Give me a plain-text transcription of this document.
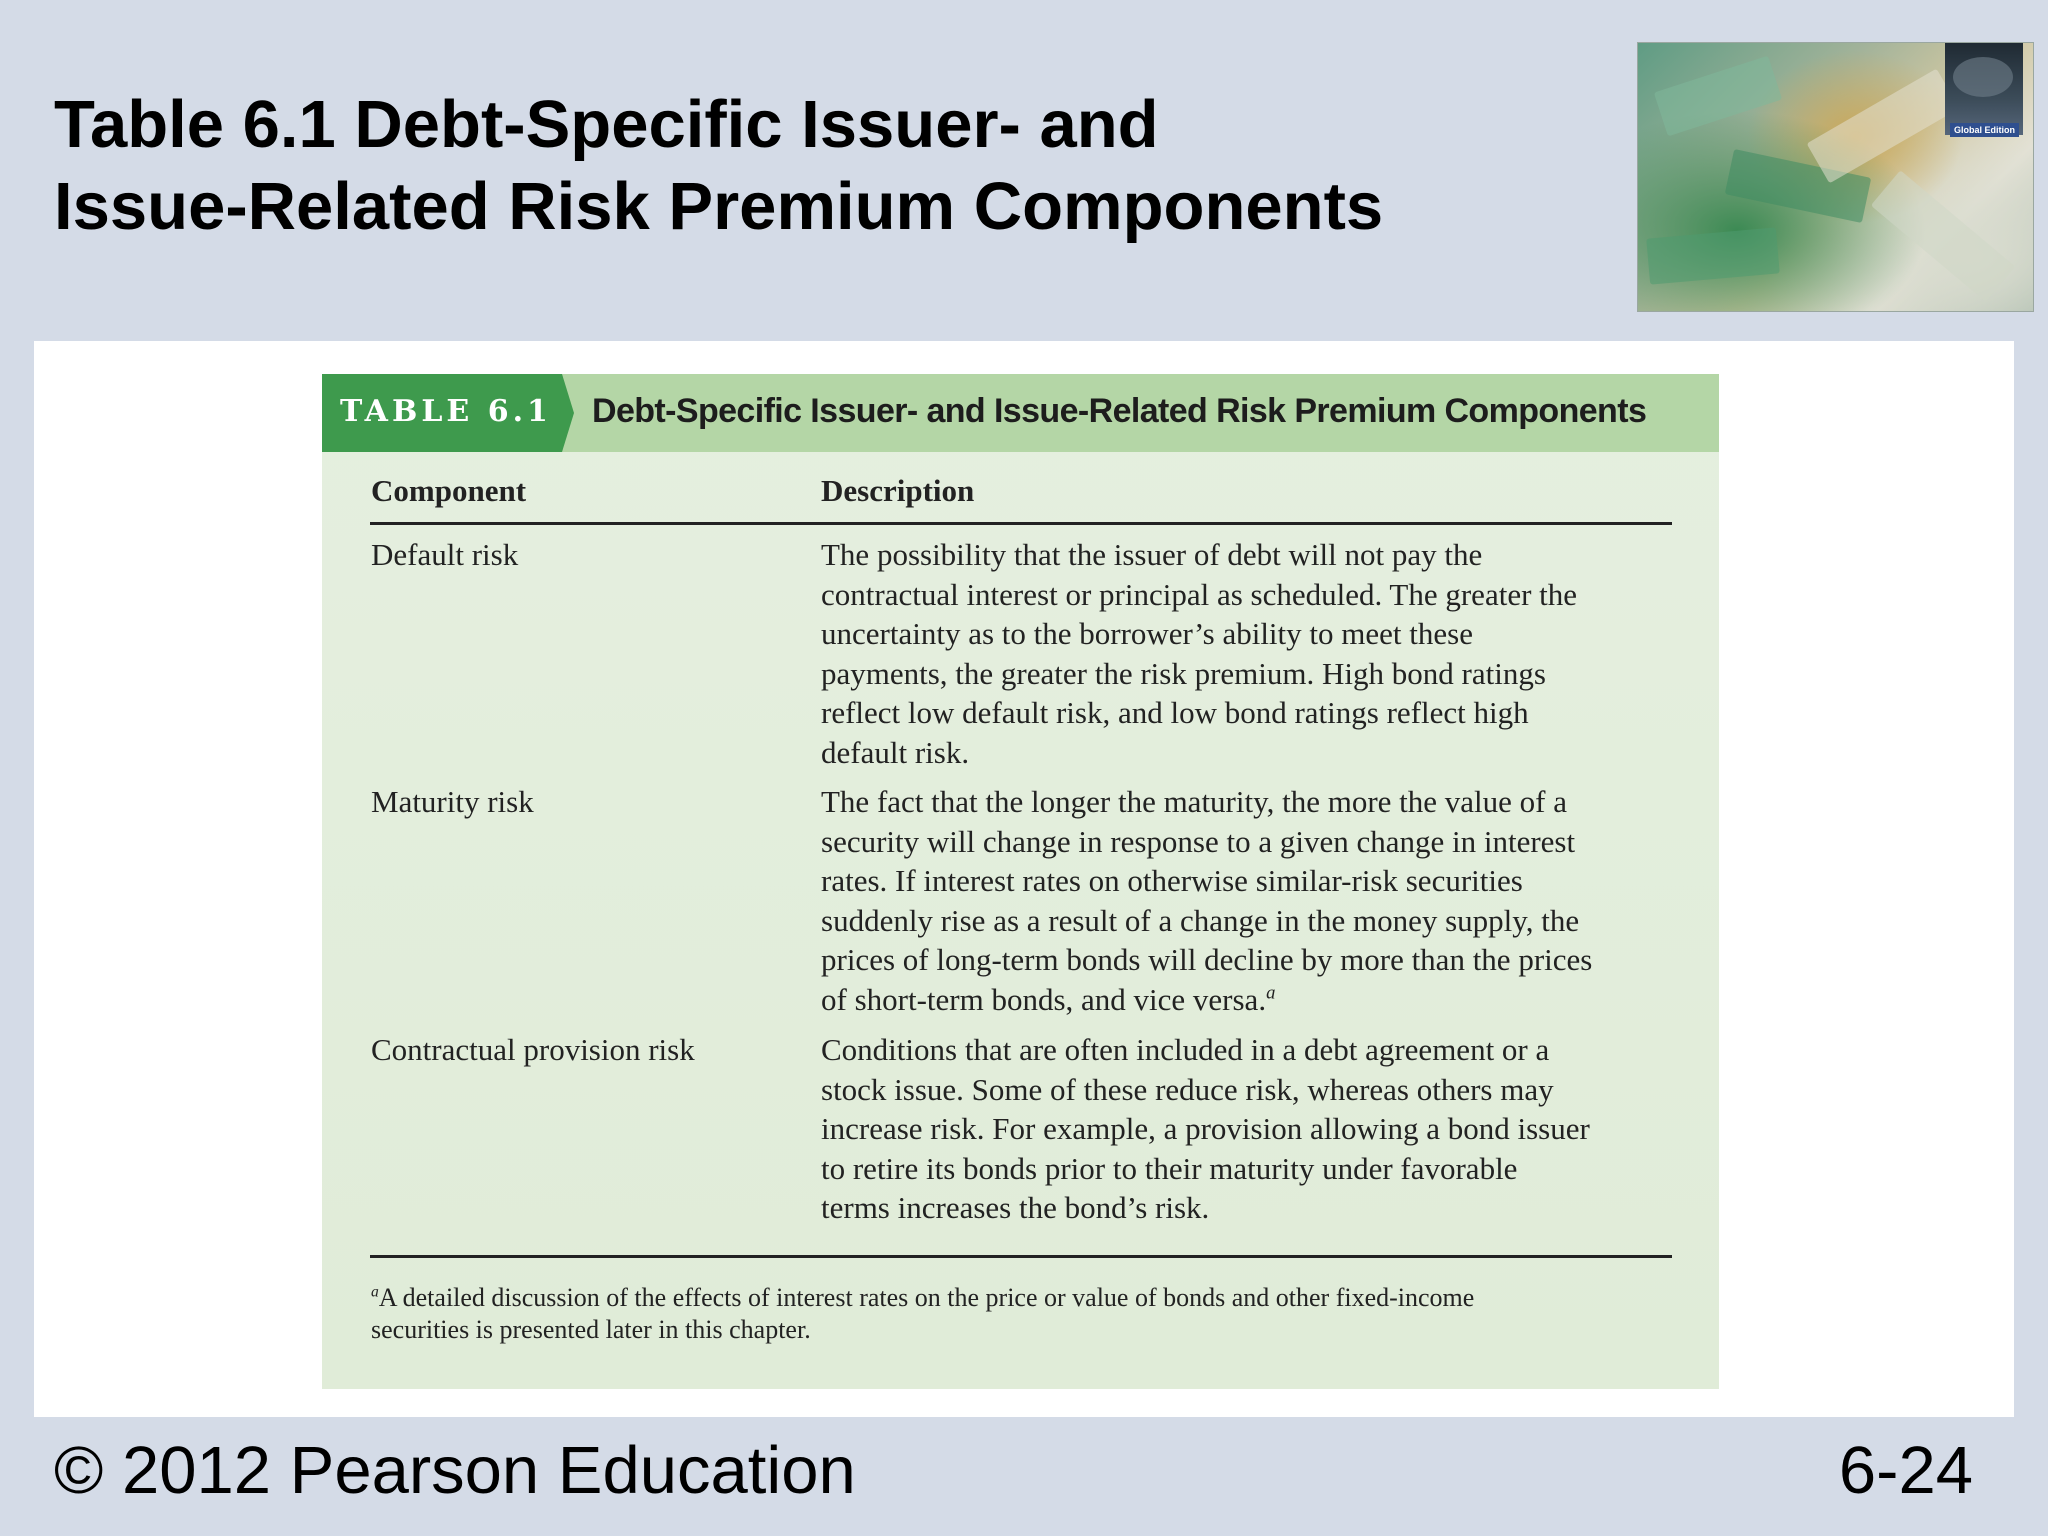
Table 6.1 Debt-Specific Issuer- and
Issue-Related Risk Premium Components
Global Edition
TABLE 6.1 Debt-Specific Issuer- and Issue-Related Risk Premium Components
Component	Description
Default risk	The possibility that the issuer of debt will not pay the
contractual interest or principal as scheduled. The greater the
uncertainty as to the borrower’s ability to meet these
payments, the greater the risk premium. High bond ratings
reflect low default risk, and low bond ratings reflect high
default risk.
Maturity risk	The fact that the longer the maturity, the more the value of a
security will change in response to a given change in interest
rates. If interest rates on otherwise similar-risk securities
suddenly rise as a result of a change in the money supply, the
prices of long-term bonds will decline by more than the prices
of short-term bonds, and vice versa.$^a$
Contractual provision risk	Conditions that are often included in a debt agreement or a
stock issue. Some of these reduce risk, whereas others may
increase risk. For example, a provision allowing a bond issuer
to retire its bonds prior to their maturity under favorable
terms increases the bond’s risk.
$^a$A detailed discussion of the effects of interest rates on the price or value of bonds and other fixed-income
securities is presented later in this chapter.
© 2012 Pearson Education	6-24
